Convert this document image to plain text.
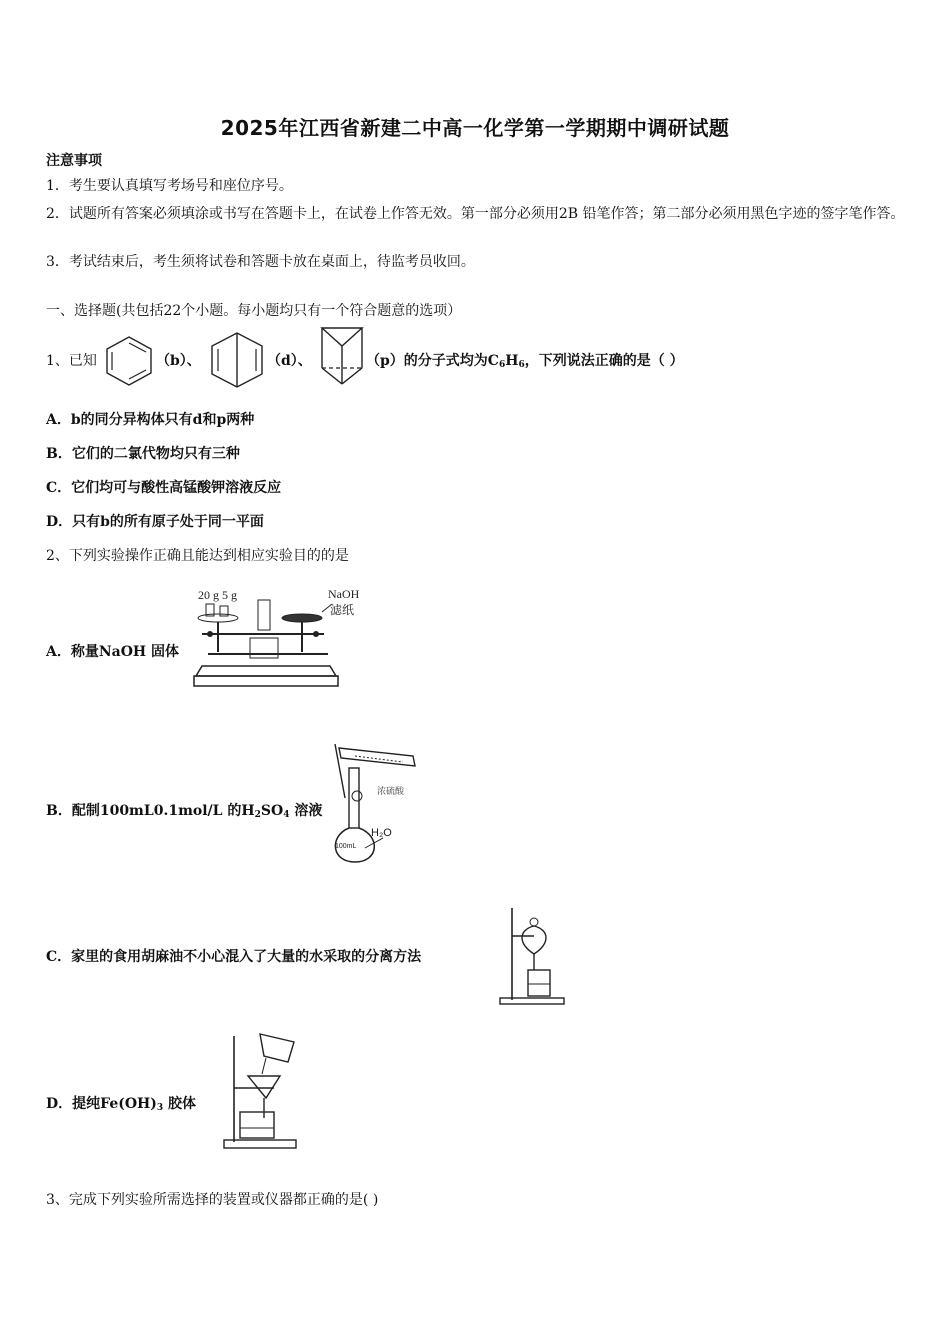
2025年江西省新建二中高一化学第一学期期中调研试题
注意事项
1．考生要认真填写考场号和座位序号。
2．试题所有答案必须填涂或书写在答题卡上，在试卷上作答无效。第一部分必须用2B 铅笔作答；第二部分必须用黑色字迹的签字笔作答。
3．考试结束后，考生须将试卷和答题卡放在桌面上，待监考员收回。
一、选择题(共包括22个小题。每小题均只有一个符合题意的选项）
1、已知	（b）、	（d）、	（p）的分子式均为$C_6H_6$，下列说法正确的是（ ）
A．b的同分异构体只有d和p两种
B．它们的二氯代物均只有三种
C．它们均可与酸性高锰酸钾溶液反应
D．只有b的所有原子处于同一平面
2、下列实验操作正确且能达到相应实验目的的是
A．称量NaOH 固体
20 g 5 g	NaOH
滤纸
B．配制100mL0.1mol/L 的$H_2SO_4$ 溶液
浓硫酸
100mL
H₂O
C．家里的食用胡麻油不小心混入了大量的水采取的分离方法
D．提纯$Fe(OH)_3$ 胶体
3、完成下列实验所需选择的装置或仪器都正确的是( )
